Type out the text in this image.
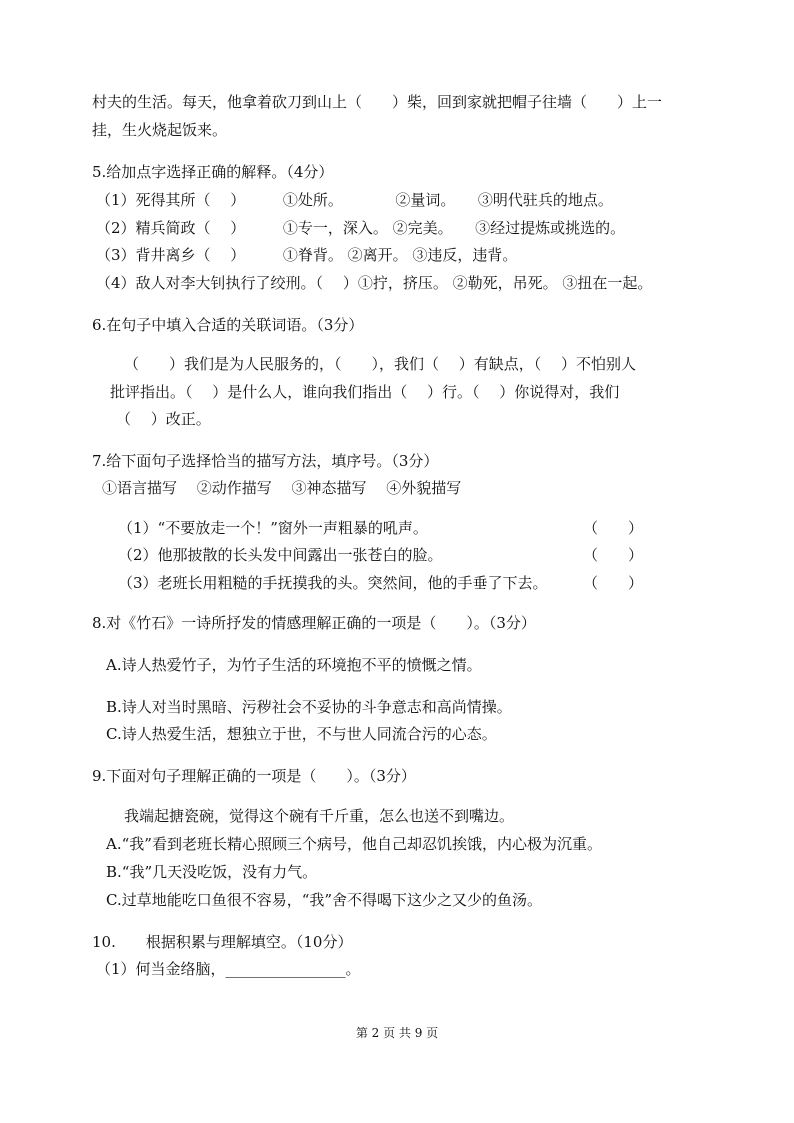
村夫的生活。每天，他拿着砍刀到山上（　　）柴，回到家就把帽子往墙（　　）上一
挂，生火烧起饭来。
5.给加点字选择正确的解释。（4分）
（1）死得其所（　 ）　　　①处所。　　　　②量词。　　③明代驻兵的地点。
（2）精兵简政（　 ）　　　①专一，深入。 ②完美。　　③经过提炼或挑选的。
（3）背井离乡（　 ）　　　①脊背。 ②离开。 ③违反，违背。
（4）敌人对李大钊执行了绞刑。（　 ）①拧，挤压。 ②勒死，吊死。 ③扭在一起。
6.在句子中填入合适的关联词语。（3分）
（　　）我们是为人民服务的，（　　），我们（　 ）有缺点，（　 ）不怕别人
批评指出。（　 ）是什么人，谁向我们指出（　 ）行。（　 ）你说得对，我们
（　 ）改正。
7.给下面句子选择恰当的描写方法，填序号。（3分）
①语言描写　 ②动作描写　 ③神态描写　 ④外貌描写
（1）“不要放走一个！”窗外一声粗暴的吼声。	（　　）
（2）他那披散的长头发中间露出一张苍白的脸。	（　　）
（3）老班长用粗糙的手抚摸我的头。突然间，他的手垂了下去。 （　　）
8.对《竹石》一诗所抒发的情感理解正确的一项是（　　）。（3分）
A.诗人热爱竹子，为竹子生活的环境抱不平的愤慨之情。
B.诗人对当时黑暗、污秽社会不妥协的斗争意志和高尚情操。
C.诗人热爱生活，想独立于世，不与世人同流合污的心态。
9.下面对句子理解正确的一项是（　　）。（3分）
我端起搪瓷碗，觉得这个碗有千斤重，怎么也送不到嘴边。
A.“我”看到老班长精心照顾三个病号，他自己却忍饥挨饿，内心极为沉重。
B.“我”几天没吃饭，没有力气。
C.过草地能吃口鱼很不容易，“我”舍不得喝下这少之又少的鱼汤。
10.　　根据积累与理解填空。（10分）
（1）何当金络脑，________________。
第 2 页 共 9 页
